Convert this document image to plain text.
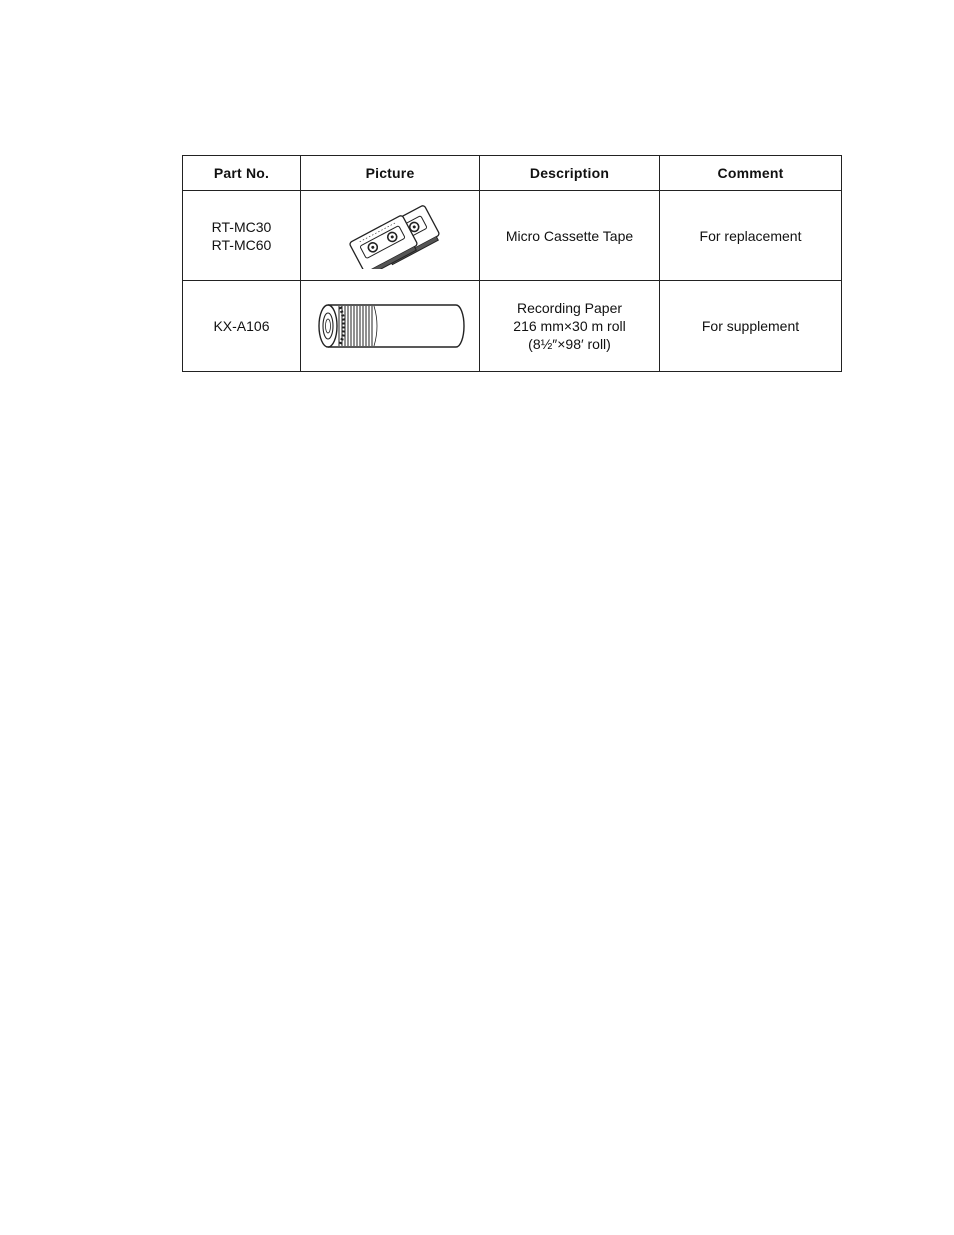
Part No.	Picture	Description	Comment

RT-MC30
RT-MC60		Micro Cassette Tape	For replacement

KX-A106		Recording Paper
216 mm×30 m roll
(8½″×98′ roll)	For supplement
